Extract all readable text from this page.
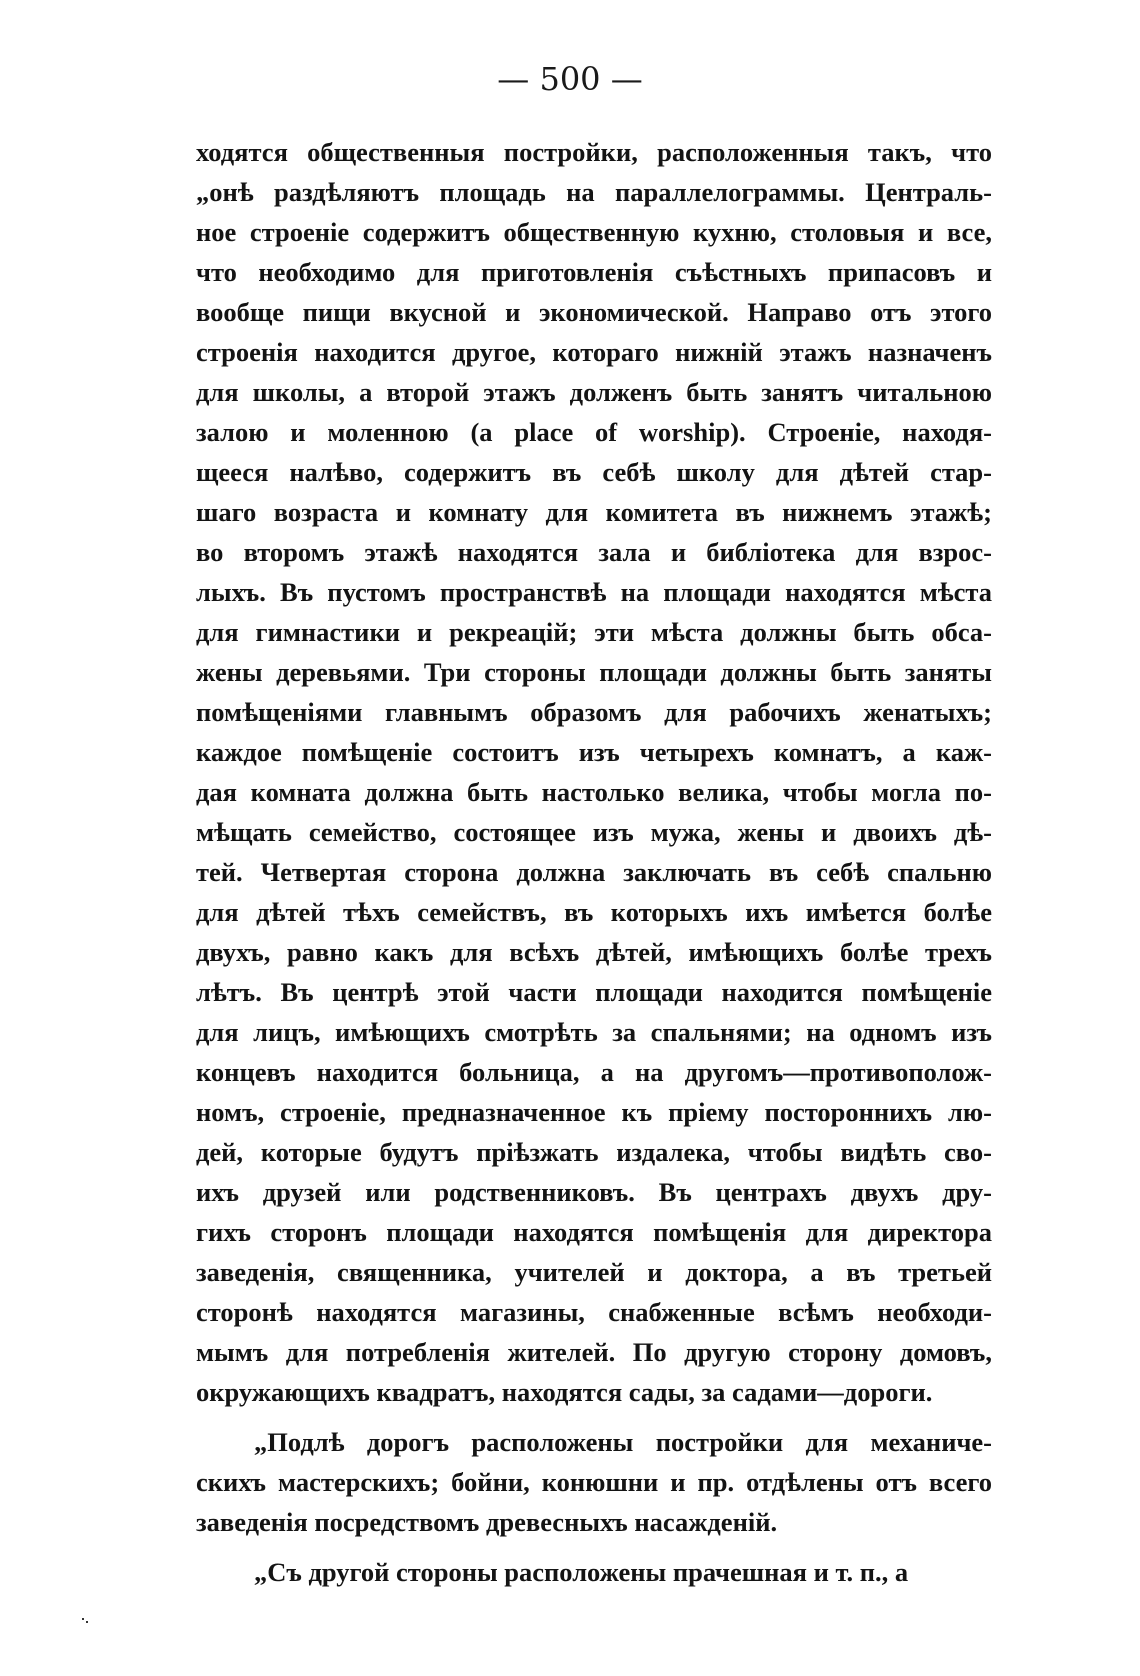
— 500 —
ходятся общественныя постройки, расположенныя такъ, что
„онѣ раздѣляютъ площадь на параллелограммы. Централь-
ное строеніе содержитъ общественную кухню, столовыя и все,
что необходимо для приготовленія съѣстныхъ припасовъ и
вообще пищи вкусной и экономической. Направо отъ этого
строенія находится другое, котораго нижній этажъ назначенъ
для школы, а второй этажъ долженъ быть занятъ читальною
залою и моленною (a place of worship). Строеніе, находя-
щееся налѣво, содержитъ въ себѣ школу для дѣтей стар-
шаго возраста и комнату для комитета въ нижнемъ этажѣ;
во второмъ этажѣ находятся зала и библіотека для взрос-
лыхъ. Въ пустомъ пространствѣ на площади находятся мѣста
для гимнастики и рекреацій; эти мѣста должны быть обса-
жены деревьями. Три стороны площади должны быть заняты
помѣщеніями главнымъ образомъ для рабочихъ женатыхъ;
каждое помѣщеніе состоитъ изъ четырехъ комнатъ, а каж-
дая комната должна быть настолько велика, чтобы могла по-
мѣщать семейство, состоящее изъ мужа, жены и двоихъ дѣ-
тей. Четвертая сторона должна заключать въ себѣ спальню
для дѣтей тѣхъ семействъ, въ которыхъ ихъ имѣется болѣе
двухъ, равно какъ для всѣхъ дѣтей, имѣющихъ болѣе трехъ
лѣтъ. Въ центрѣ этой части площади находится помѣщеніе
для лицъ, имѣющихъ смотрѣть за спальнями; на одномъ изъ
концевъ находится больница, а на другомъ—противополож-
номъ, строеніе, предназначенное къ пріему постороннихъ лю-
дей, которые будутъ пріѣзжать издалека, чтобы видѣть сво-
ихъ друзей или родственниковъ. Въ центрахъ двухъ дру-
гихъ сторонъ площади находятся помѣщенія для директора
заведенія, священника, учителей и доктора, а въ третьей
сторонѣ находятся магазины, снабженные всѣмъ необходи-
мымъ для потребленія жителей. По другую сторону домовъ,
окружающихъ квадратъ, находятся сады, за садами—дороги.
„Подлѣ дорогъ расположены постройки для механиче-
скихъ мастерскихъ; бойни, конюшни и пр. отдѣлены отъ всего
заведенія посредствомъ древесныхъ насажденій.
„Съ другой стороны расположены прачешная и т. п., а
